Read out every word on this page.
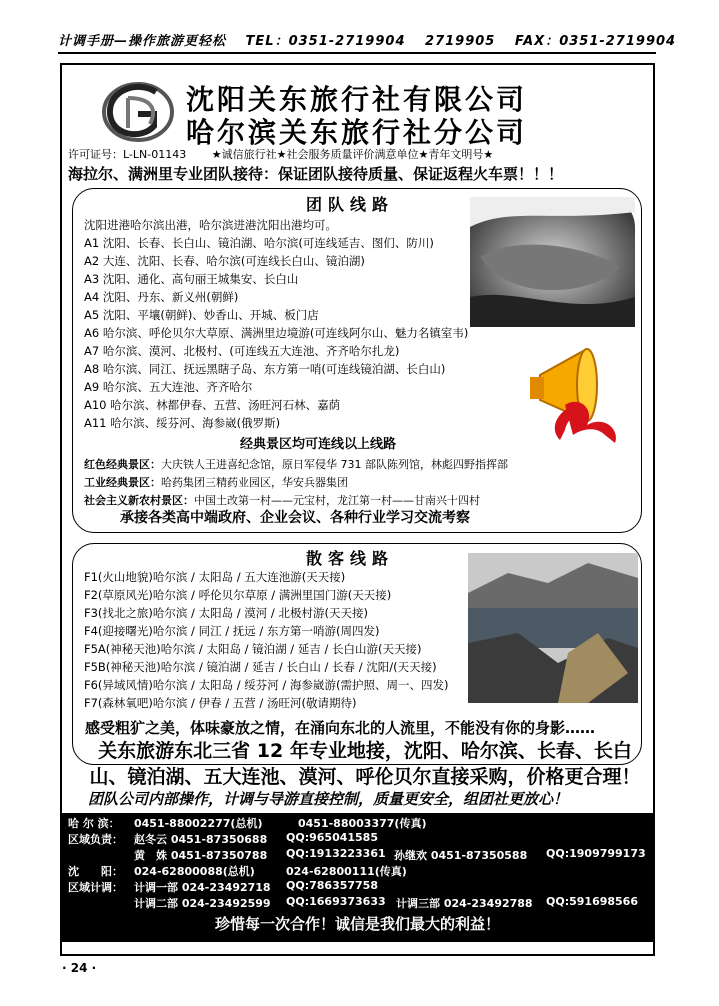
计调手册—操作旅游更轻松 TEL：0351-2719904 2719905 FAX：0351-2719904
沈阳关东旅行社有限公司
哈尔滨关东旅行社分公司
许可证号：L-LN-01143 ★诚信旅行社★社会服务质量评价满意单位★青年文明号★
海拉尔、满洲里专业团队接待：保证团队接待质量、保证返程火车票！！！
团队线路
沈阳进港哈尔滨出港，哈尔滨进港沈阳出港均可。
A1 沈阳、长春、长白山、镜泊湖、哈尔滨(可连线延吉、图们、防川)
A2 大连、沈阳、长春、哈尔滨(可连线长白山、镜泊湖)
A3 沈阳、通化、高句丽王城集安、长白山
A4 沈阳、丹东、新义州(朝鲜)
A5 沈阳、平壤(朝鲜)、妙香山、开城、板门店
A6 哈尔滨、呼伦贝尔大草原、满洲里边境游(可连线阿尔山、魅力名镇室韦)
A7 哈尔滨、漠河、北极村、(可连线五大连池、齐齐哈尔扎龙)
A8 哈尔滨、同江、抚远黑瞎子岛、东方第一哨(可连线镜泊湖、长白山)
A9 哈尔滨、五大连池、齐齐哈尔
A10 哈尔滨、林都伊春、五营、汤旺河石林、嘉荫
A11 哈尔滨、绥芬河、海参崴(俄罗斯)
经典景区均可连线以上线路
红色经典景区：大庆铁人王进喜纪念馆，原日军侵华 731 部队陈列馆，林彪四野指挥部
工业经典景区：哈药集团三精药业园区，华安兵器集团
社会主义新农村景区：中国土改第一村——元宝村，龙江第一村——甘南兴十四村
承接各类高中端政府、企业会议、各种行业学习交流考察
散客线路
F1(火山地貌)哈尔滨 / 太阳岛 / 五大连池游(天天接)
F2(草原风光)哈尔滨 / 呼伦贝尔草原 / 满洲里国门游(天天接)
F3(找北之旅)哈尔滨 / 太阳岛 / 漠河 / 北极村游(天天接)
F4(迎接曙光)哈尔滨 / 同江 / 抚远 / 东方第一哨游(周四发)
F5A(神秘天池)哈尔滨 / 太阳岛 / 镜泊湖 / 延吉 / 长白山游(天天接)
F5B(神秘天池)哈尔滨 / 镜泊湖 / 延吉 / 长白山 / 长春 / 沈阳/(天天接)
F6(异域风情)哈尔滨 / 太阳岛 / 绥芬河 / 海参崴游(需护照、周一、四发)
F7(森林氧吧)哈尔滨 / 伊春 / 五营 / 汤旺河(敬请期待)
感受粗犷之美，体味豪放之情，在涌向东北的人流里，不能没有你的身影……
关东旅游东北三省 12 年专业地接，沈阳、哈尔滨、长春、长白山、镜泊湖、五大连池、漠河、呼伦贝尔直接采购，价格更合理！
团队公司内部操作，计调与导游直接控制，质量更安全，组团社更放心！
哈 尔 滨： 0451-88002277(总机)	0451-88003377(传真)
区域负责： 赵冬云 0451-87350688 QQ:965041585
黄　姝 0451-87350788 QQ:1913223361 孙继欢 0451-87350588 QQ:1909799173
沈　　阳： 024-62800088(总机)	024-62800111(传真)
区域计调： 计调一部 024-23492718 QQ:786357758
计调二部 024-23492599 QQ:1669373633 计调三部 024-23492788 QQ:591698566
珍惜每一次合作！诚信是我们最大的利益！
· 24 ·
